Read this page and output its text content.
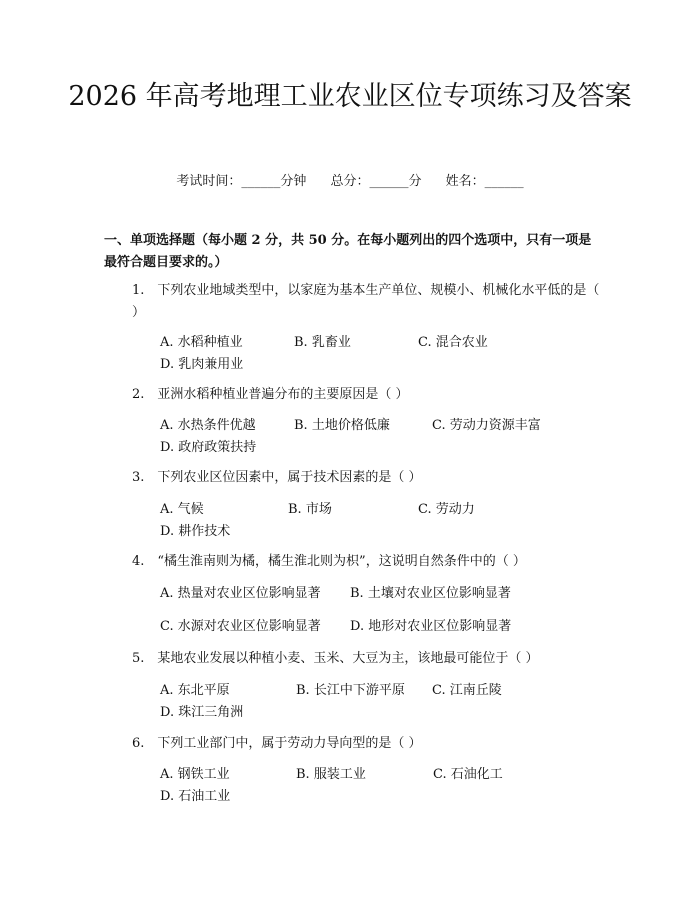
2026 年高考地理工业农业区位专项练习及答案
考试时间：______分钟 总分：______分 姓名：______
一、单项选择题（每小题 2 分，共 50 分。在每小题列出的四个选项中，只有一项是最符合题目要求的。）
1.　下列农业地域类型中，以家庭为基本生产单位、规模小、机械化水平低的是（ ）
A. 水稻种植业	B. 乳畜业	C. 混合农业D. 乳肉兼用业
2.　亚洲水稻种植业普遍分布的主要原因是（ ）
A. 水热条件优越	B. 土地价格低廉	C. 劳动力资源丰富D. 政府政策扶持
3.　下列农业区位因素中，属于技术因素的是（ ）
A. 气候	B. 市场	C. 劳动力D. 耕作技术
4.　“橘生淮南则为橘，橘生淮北则为枳”，这说明自然条件中的（ ）
A. 热量对农业区位影响显著 B. 土壤对农业区位影响显著
C. 水源对农业区位影响显著 D. 地形对农业区位影响显著
5.　某地农业发展以种植小麦、玉米、大豆为主，该地最可能位于（ ）
A. 东北平原	B. 长江中下游平原 C. 江南丘陵D. 珠江三角洲
6.　下列工业部门中，属于劳动力导向型的是（ ）
A. 钢铁工业	B. 服装工业	C. 石油化工D. 石油工业
